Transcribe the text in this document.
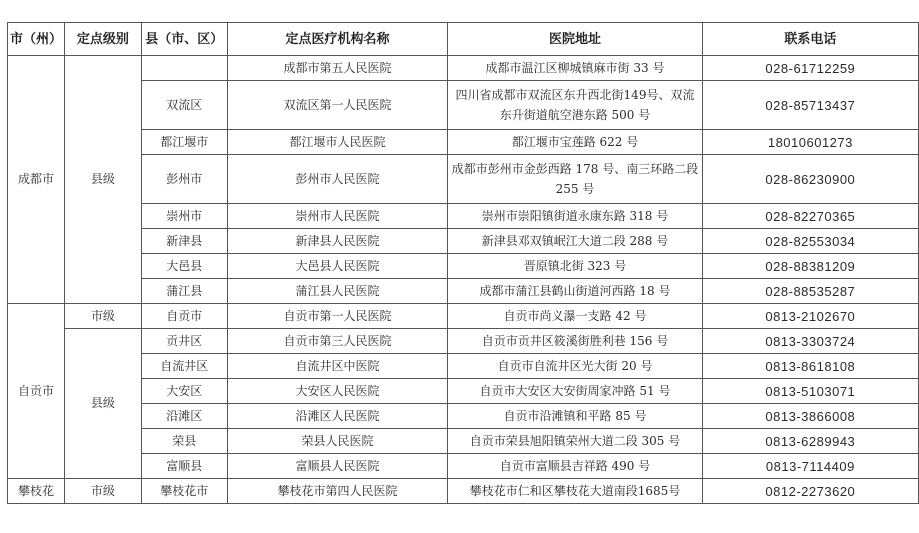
市（州）	定点级别	县（市、区）	定点医疗机构名称	医院地址	联系电话
成都市	县级		成都市第五人民医院	成都市温江区柳城镇麻市街 33 号	028-61712259
		双流区	双流区第一人民医院	四川省成都市双流区东升西北街149号、双流东升街道航空港东路 500 号	028-85713437
		都江堰市	都江堰市人民医院	都江堰市宝莲路 622 号	18010601273
		彭州市	彭州市人民医院	成都市彭州市金彭西路 178 号、南三环路二段 255 号	028-86230900
		崇州市	崇州市人民医院	崇州市崇阳镇街道永康东路 318 号	028-82270365
		新津县	新津县人民医院	新津县邓双镇岷江大道二段 288 号	028-82553034
		大邑县	大邑县人民医院	晋原镇北街 323 号	028-88381209
		蒲江县	蒲江县人民医院	成都市蒲江县鹤山街道河西路 18 号	028-88535287
自贡市	市级	自贡市	自贡市第一人民医院	自贡市尚义瀑一支路 42 号	0813-2102670
	县级	贡井区	自贡市第三人民医院	自贡市贡井区筱溪街胜利巷 156 号	0813-3303724
		自流井区	自流井区中医院	自贡市自流井区光大街 20 号	0813-8618108
		大安区	大安区人民医院	自贡市大安区大安街周家冲路 51 号	0813-5103071
		沿滩区	沿滩区人民医院	自贡市沿滩镇和平路 85 号	0813-3866008
		荣县	荣县人民医院	自贡市荣县旭阳镇荣州大道二段 305 号	0813-6289943
		富顺县	富顺县人民医院	自贡市富顺县吉祥路 490 号	0813-7114409
攀枝花	市级	攀枝花市	攀枝花市第四人民医院	攀枝花市仁和区攀枝花大道南段1685号	0812-2273620
